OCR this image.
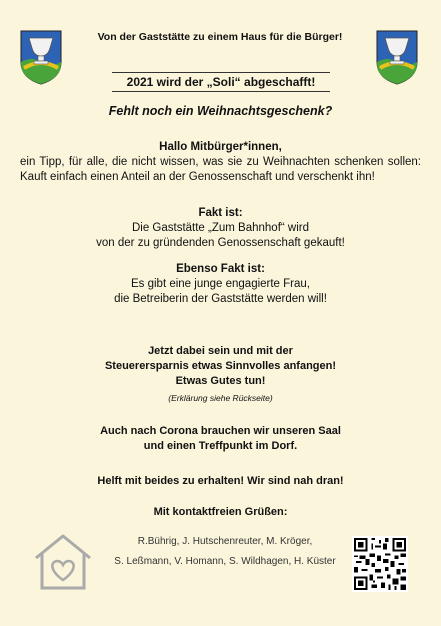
Von der Gaststätte zu einem Haus für die Bürger!
2021 wird der „Soli“ abgeschafft!
Fehlt noch ein Weihnachtsgeschenk?
Hallo Mitbürger*innen,
ein Tipp, für alle, die nicht wissen, was sie zu Weihnachten schenken sollen: Kauft einfach einen Anteil an der Genossenschaft und verschenkt ihn!
Fakt ist:
Die Gaststätte „Zum Bahnhof“ wird
von der zu gründenden Genossenschaft gekauft!
Ebenso Fakt ist:
Es gibt eine junge engagierte Frau,
die Betreiberin der Gaststätte werden will!
Jetzt dabei sein und mit der
Steuerersparnis etwas Sinnvolles anfangen!
Etwas Gutes tun!
(Erklärung siehe Rückseite)
Auch nach Corona brauchen wir unseren Saal
und einen Treffpunkt im Dorf.
Helft mit beides zu erhalten! Wir sind nah dran!
Mit kontaktfreien Grüßen:
R.Bührig, J. Hutschenreuter, M. Kröger,
S. Leßmann, V. Homann, S. Wildhagen, H. Küster
